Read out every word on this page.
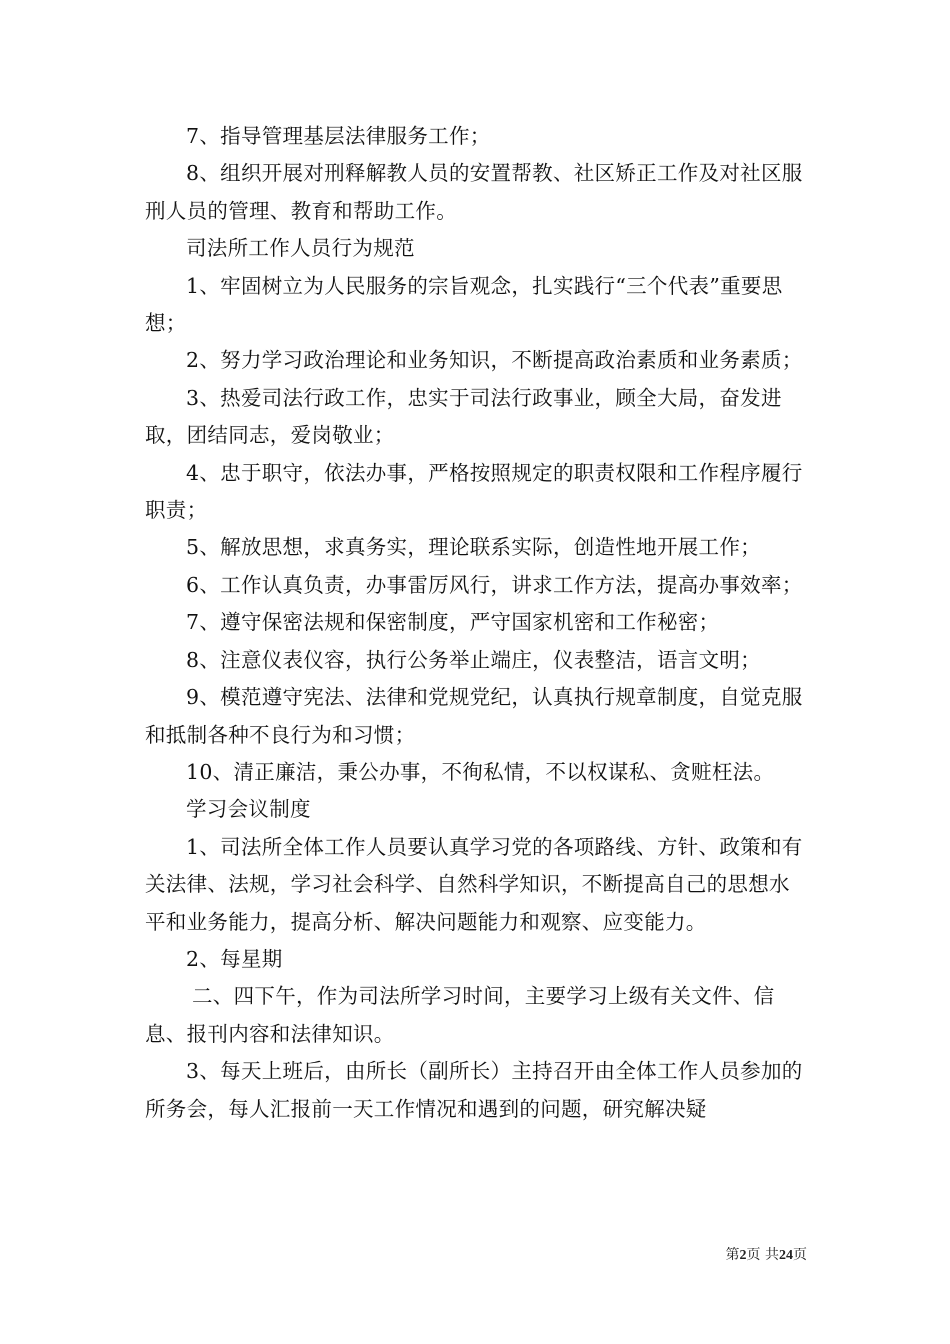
7、指导管理基层法律服务工作；

8、组织开展对刑释解教人员的安置帮教、社区矫正工作及对社区服刑人员的管理、教育和帮助工作。

司法所工作人员行为规范

1、牢固树立为人民服务的宗旨观念，扎实践行“三个代表”重要思想；

2、努力学习政治理论和业务知识，不断提高政治素质和业务素质；

3、热爱司法行政工作，忠实于司法行政事业，顾全大局，奋发进取，团结同志，爱岗敬业；

4、忠于职守，依法办事，严格按照规定的职责权限和工作程序履行职责；

5、解放思想，求真务实，理论联系实际，创造性地开展工作；

6、工作认真负责，办事雷厉风行，讲求工作方法，提高办事效率；

7、遵守保密法规和保密制度，严守国家机密和工作秘密；

8、注意仪表仪容，执行公务举止端庄，仪表整洁，语言文明；

9、模范遵守宪法、法律和党规党纪，认真执行规章制度，自觉克服和抵制各种不良行为和习惯；

10、清正廉洁，秉公办事，不徇私情，不以权谋私、贪赃枉法。

学习会议制度

1、司法所全体工作人员要认真学习党的各项路线、方针、政策和有关法律、法规，学习社会科学、自然科学知识，不断提高自己的思想水平和业务能力，提高分析、解决问题能力和观察、应变能力。

2、每星期

二、四下午，作为司法所学习时间，主要学习上级有关文件、信息、报刊内容和法律知识。

3、每天上班后，由所长（副所长）主持召开由全体工作人员参加的所务会，每人汇报前一天工作情况和遇到的问题，研究解决疑

第2页 共24页
